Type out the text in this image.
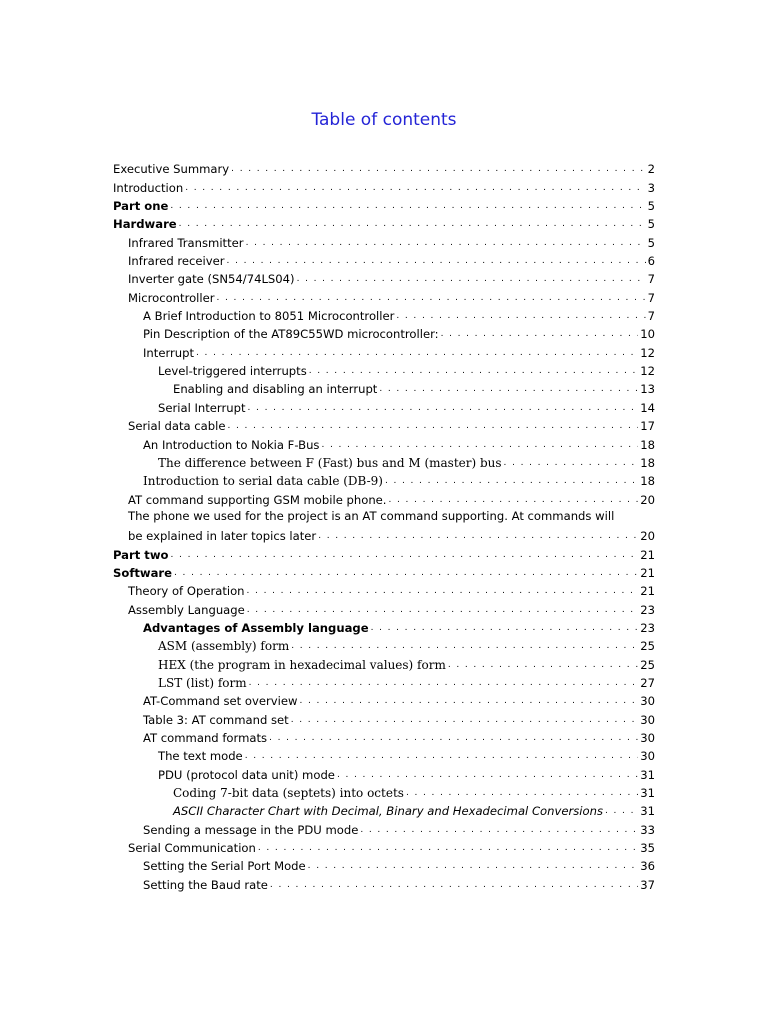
Table of contents
Executive Summary . . .	2
Introduction . . .	3
Part one . . .	5
Hardware . . .	5
Infrared Transmitter . . .	5
Infrared receiver . . .	6
Inverter gate (SN54/74LS04) . . .	7
Microcontroller . . .	7
A Brief Introduction to 8051 Microcontroller . . .	7
Pin Description of the AT89C55WD microcontroller: . . .	10
Interrupt . . .	12
Level-triggered interrupts . . .	12
Enabling and disabling an interrupt . . .	13
Serial Interrupt . . .	14
Serial data cable . . .	17
An Introduction to Nokia F-Bus . . .	18
The difference between F (Fast) bus and M (master) bus . . .	18
Introduction to serial data cable (DB-9) . . .	18
AT command supporting GSM mobile phone. . . .	20
The phone we used for the project is an AT command supporting. At commands will
be explained in later topics later . . .	20
Part two . . .	21
Software . . .	21
Theory of Operation . . .	21
Assembly Language . . .	23
Advantages of Assembly language . . .	23
ASM (assembly) form . . .	25
HEX (the program in hexadecimal values) form . . .	25
LST (list) form . . .	27
AT-Command set overview . . .	30
Table 3: AT command set . . .	30
AT command formats . . .	30
The text mode . . .	30
PDU (protocol data unit) mode . . .	31
Coding 7-bit data (septets) into octets . . .	31
ASCII Character Chart with Decimal, Binary and Hexadecimal Conversions . . .	31
Sending a message in the PDU mode . . .	33
Serial Communication . . .	35
Setting the Serial Port Mode . . .	36
Setting the Baud rate . . .	37
